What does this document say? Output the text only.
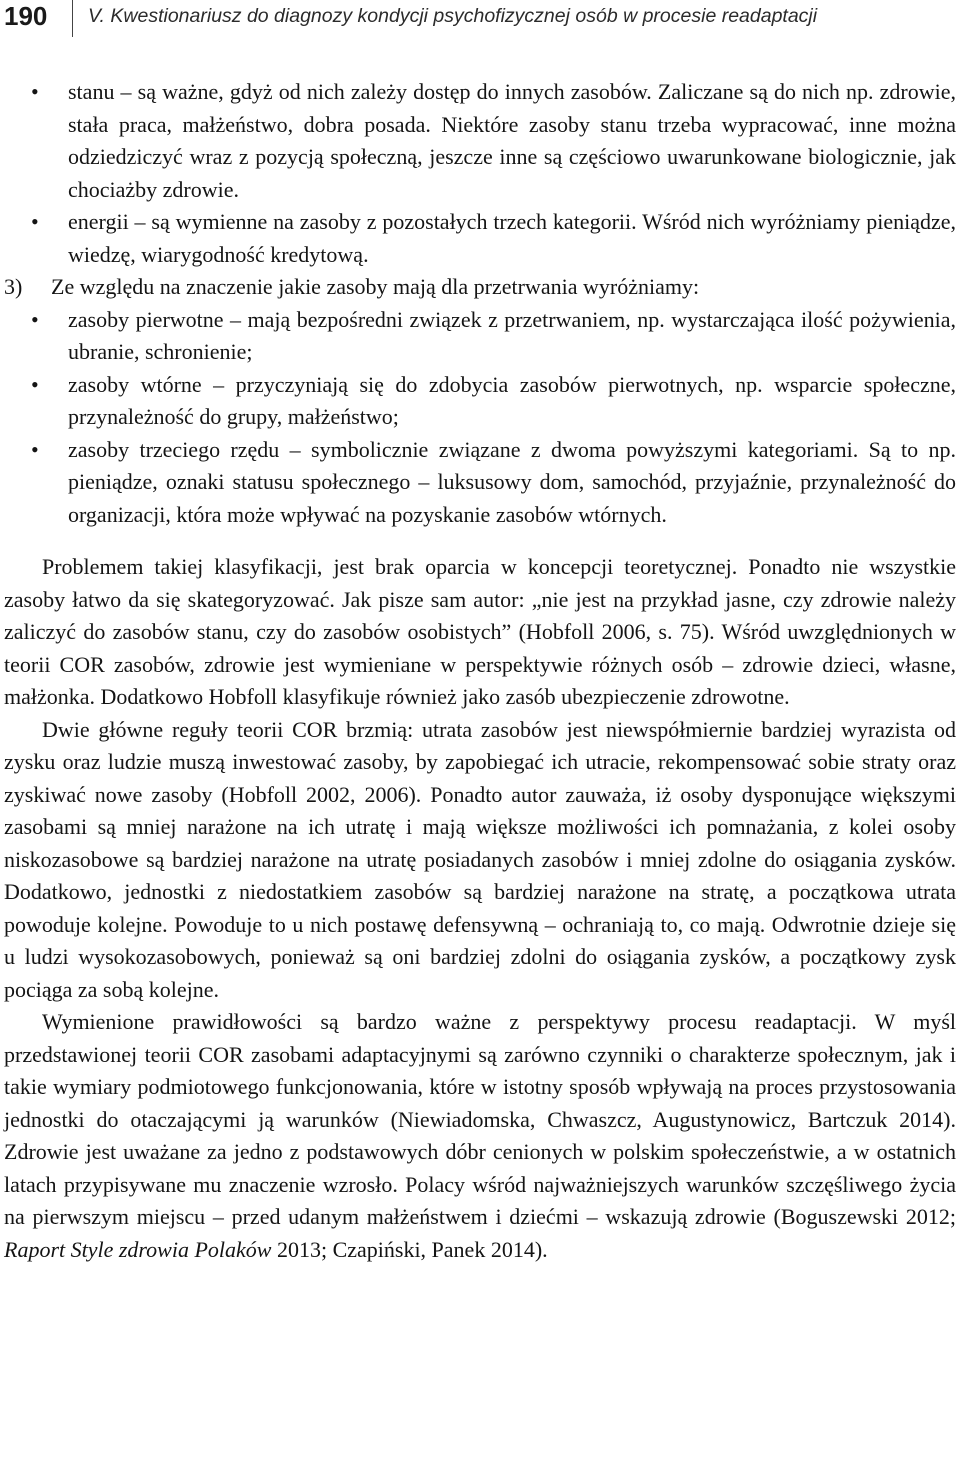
190 V. Kwestionariusz do diagnozy kondycji psychofizycznej osób w procesie readaptacji
• stanu – są ważne, gdyż od nich zależy dostęp do innych zasobów. Zaliczane są do nich np. zdrowie, stała praca, małżeństwo, dobra posada. Niektóre zasoby stanu trzeba wypracować, inne można odziedziczyć wraz z pozycją społeczną, jeszcze inne są częściowo uwarunkowane biologicznie, jak chociażby zdrowie.
• energii – są wymienne na zasoby z pozostałych trzech kategorii. Wśród nich wyróżniamy pieniądze, wiedzę, wiarygodność kredytową.
3) Ze względu na znaczenie jakie zasoby mają dla przetrwania wyróżniamy:
• zasoby pierwotne – mają bezpośredni związek z przetrwaniem, np. wystarczająca ilość pożywienia, ubranie, schronienie;
• zasoby wtórne – przyczyniają się do zdobycia zasobów pierwotnych, np. wsparcie społeczne, przynależność do grupy, małżeństwo;
• zasoby trzeciego rzędu – symbolicznie związane z dwoma powyższymi kategoriami. Są to np. pieniądze, oznaki statusu społecznego – luksusowy dom, samochód, przyjaźnie, przynależność do organizacji, która może wpływać na pozyskanie zasobów wtórnych.

Problemem takiej klasyfikacji, jest brak oparcia w koncepcji teoretycznej. Ponadto nie wszystkie zasoby łatwo da się skategoryzować. Jak pisze sam autor: „nie jest na przykład jasne, czy zdrowie należy zaliczyć do zasobów stanu, czy do zasobów osobistych” (Hobfoll 2006, s. 75). Wśród uwzględnionych w teorii COR zasobów, zdrowie jest wymieniane w perspektywie różnych osób – zdrowie dzieci, własne, małżonka. Dodatkowo Hobfoll klasyfikuje również jako zasób ubezpieczenie zdrowotne.

Dwie główne reguły teorii COR brzmią: utrata zasobów jest niewspółmiernie bardziej wyrazista od zysku oraz ludzie muszą inwestować zasoby, by zapobiegać ich utracie, rekompensować sobie straty oraz zyskiwać nowe zasoby (Hobfoll 2002, 2006). Ponadto autor zauważa, iż osoby dysponujące większymi zasobami są mniej narażone na ich utratę i mają większe możliwości ich pomnażania, z kolei osoby niskozasobowe są bardziej narażone na utratę posiadanych zasobów i mniej zdolne do osiągania zysków. Dodatkowo, jednostki z niedostatkiem zasobów są bardziej narażone na stratę, a początkowa utrata powoduje kolejne. Powoduje to u nich postawę defensywną – ochraniają to, co mają. Odwrotnie dzieje się u ludzi wysokozasobowych, ponieważ są oni bardziej zdolni do osiągania zysków, a początkowy zysk pociąga za sobą kolejne.

Wymienione prawidłowości są bardzo ważne z perspektywy procesu readaptacji. W myśl przedstawionej teorii COR zasobami adaptacyjnymi są zarówno czynniki o charakterze społecznym, jak i takie wymiary podmiotowego funkcjonowania, które w istotny sposób wpływają na proces przystosowania jednostki do otaczającymi ją warunków (Niewiadomska, Chwaszcz, Augustynowicz, Bartczuk 2014). Zdrowie jest uważane za jedno z podstawowych dóbr cenionych w polskim społeczeństwie, a w ostatnich latach przypisywane mu znaczenie wzrosło. Polacy wśród najważniejszych warunków szczęśliwego życia na pierwszym miejscu – przed udanym małżeństwem i dziećmi – wskazują zdrowie (Boguszewski 2012; Raport Style zdrowia Polaków 2013; Czapiński, Panek 2014).
